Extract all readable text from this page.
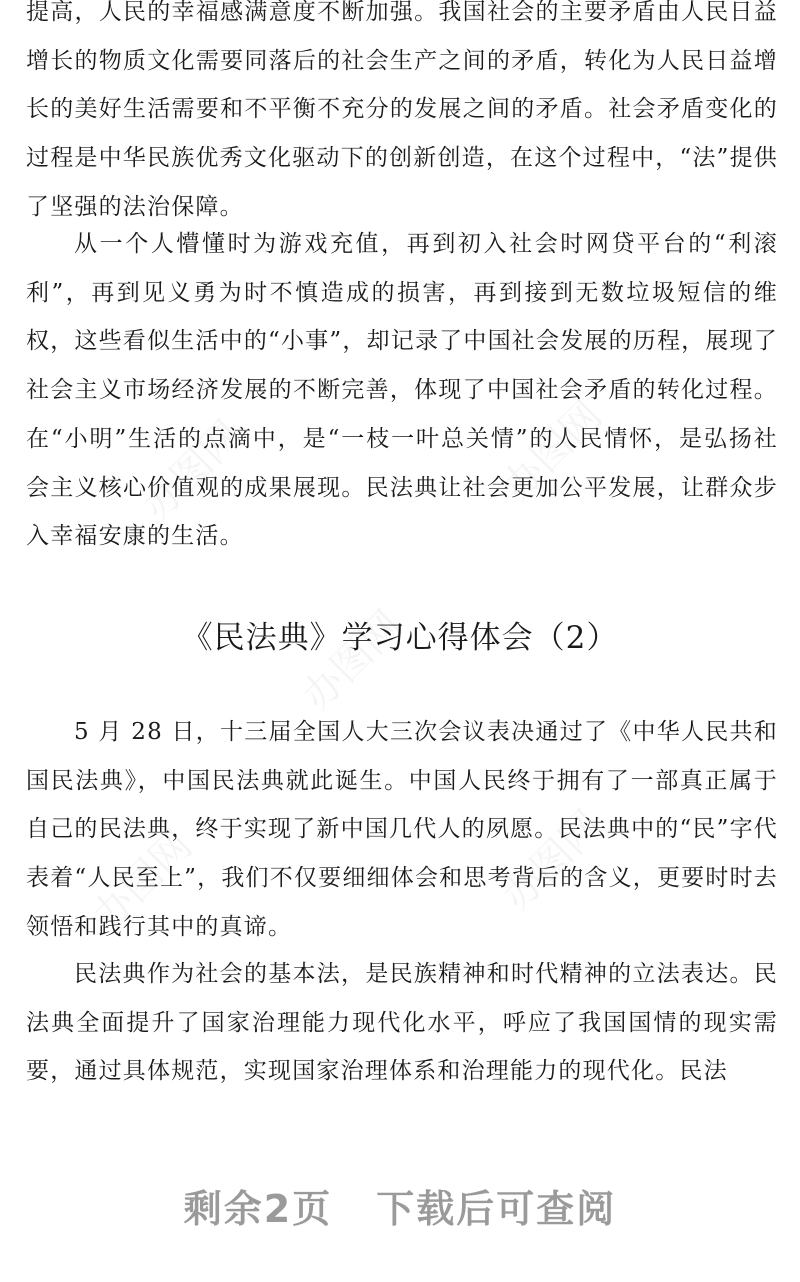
提高，人民的幸福感满意度不断加强。我国社会的主要矛盾由人民日益增长的物质文化需要同落后的社会生产之间的矛盾，转化为人民日益增长的美好生活需要和不平衡不充分的发展之间的矛盾。社会矛盾变化的过程是中华民族优秀文化驱动下的创新创造，在这个过程中，“法”提供了坚强的法治保障。

从一个人懵懂时为游戏充值，再到初入社会时网贷平台的“利滚利”，再到见义勇为时不慎造成的损害，再到接到无数垃圾短信的维权，这些看似生活中的“小事”，却记录了中国社会发展的历程，展现了社会主义市场经济发展的不断完善，体现了中国社会矛盾的转化过程。在“小明”生活的点滴中，是“一枝一叶总关情”的人民情怀，是弘扬社会主义核心价值观的成果展现。民法典让社会更加公平发展，让群众步入幸福安康的生活。

《民法典》学习心得体会（2）

5 月 28 日，十三届全国人大三次会议表决通过了《中华人民共和国民法典》，中国民法典就此诞生。中国人民终于拥有了一部真正属于自己的民法典，终于实现了新中国几代人的夙愿。民法典中的“民”字代表着“人民至上”，我们不仅要细细体会和思考背后的含义，更要时时去领悟和践行其中的真谛。

民法典作为社会的基本法，是民族精神和时代精神的立法表达。民法典全面提升了国家治理能力现代化水平，呼应了我国国情的现实需要，通过具体规范，实现国家治理体系和治理能力的现代化。民法

剩余2页 下载后可查阅
